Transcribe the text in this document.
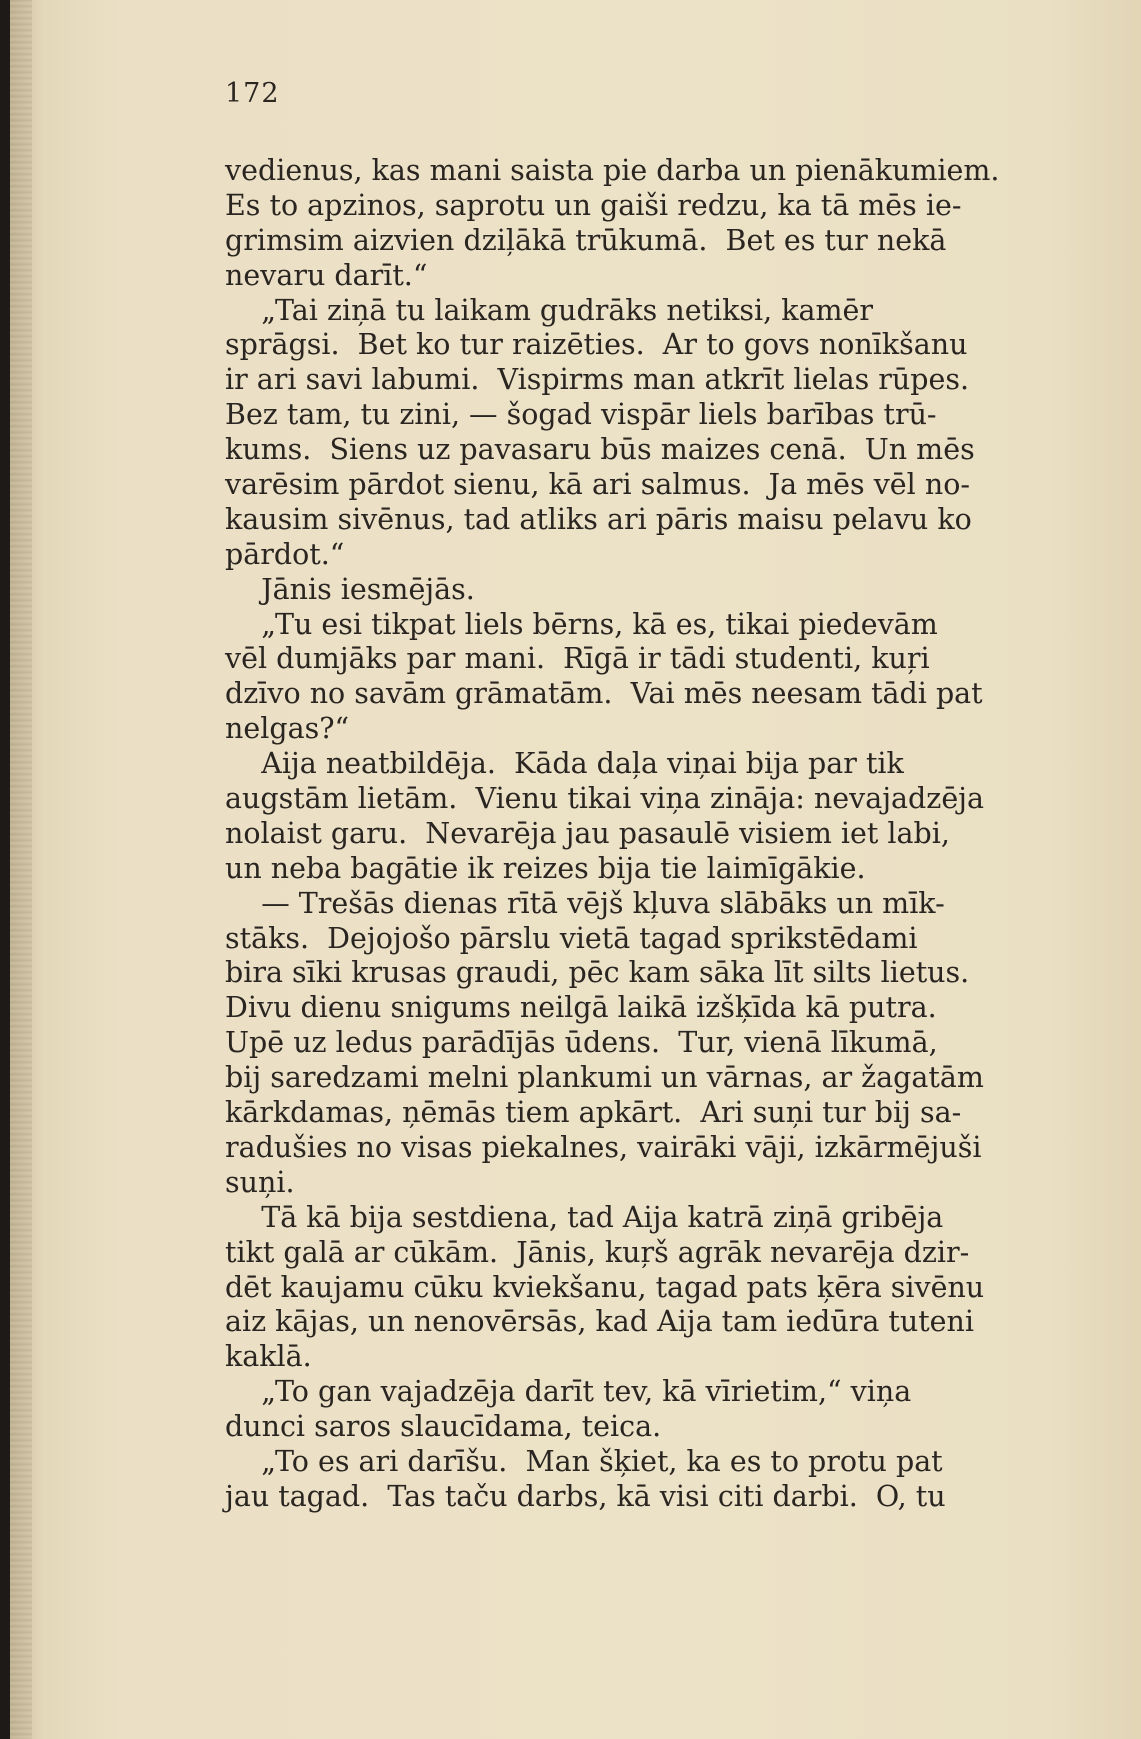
172
vedienus, kas mani saista pie darba un pienākumiem.
Es to apzinos, saprotu un gaiši redzu, ka tā mēs ie-
grimsim aizvien dziļākā trūkumā.  Bet es tur nekā
nevaru darīt.“
„Tai ziņā tu laikam gudrāks netiksi, kamēr
sprāgsi.  Bet ko tur raizēties.  Ar to govs nonīkšanu
ir ari savi labumi.  Vispirms man atkrīt lielas rūpes.
Bez tam, tu zini, — šogad vispār liels barības trū-
kums.  Siens uz pavasaru būs maizes cenā.  Un mēs
varēsim pārdot sienu, kā ari salmus.  Ja mēs vēl no-
kausim sivēnus, tad atliks ari pāris maisu pelavu ko
pārdot.“
Jānis iesmējās.
„Tu esi tikpat liels bērns, kā es, tikai piedevām
vēl dumjāks par mani.  Rīgā ir tādi studenti, kuŗi
dzīvo no savām grāmatām.  Vai mēs neesam tādi pat
nelgas?“
Aija neatbildēja.  Kāda daļa viņai bija par tik
augstām lietām.  Vienu tikai viņa zināja: nevajadzēja
nolaist garu.  Nevarēja jau pasaulē visiem iet labi,
un neba bagātie ik reizes bija tie laimīgākie.
— Trešās dienas rītā vējš kļuva slābāks un mīk-
stāks.  Dejojošo pārslu vietā tagad sprikstēdami
bira sīki krusas graudi, pēc kam sāka līt silts lietus.
Divu dienu snigums neilgā laikā izšķīda kā putra.
Upē uz ledus parādījās ūdens.  Tur, vienā līkumā,
bij saredzami melni plankumi un vārnas, ar žagatām
kārkdamas, ņēmās tiem apkārt.  Ari suņi tur bij sa-
radušies no visas piekalnes, vairāki vāji, izkārmējuši
suņi.
Tā kā bija sestdiena, tad Aija katrā ziņā gribēja
tikt galā ar cūkām.  Jānis, kuŗš agrāk nevarēja dzir-
dēt kaujamu cūku kviekšanu, tagad pats ķēra sivēnu
aiz kājas, un nenovērsās, kad Aija tam iedūra tuteni
kaklā.
„To gan vajadzēja darīt tev, kā vīrietim,“ viņa
dunci saros slaucīdama, teica.
„To es ari darīšu.  Man šķiet, ka es to protu pat
jau tagad.  Tas taču darbs, kā visi citi darbi.  O, tu
